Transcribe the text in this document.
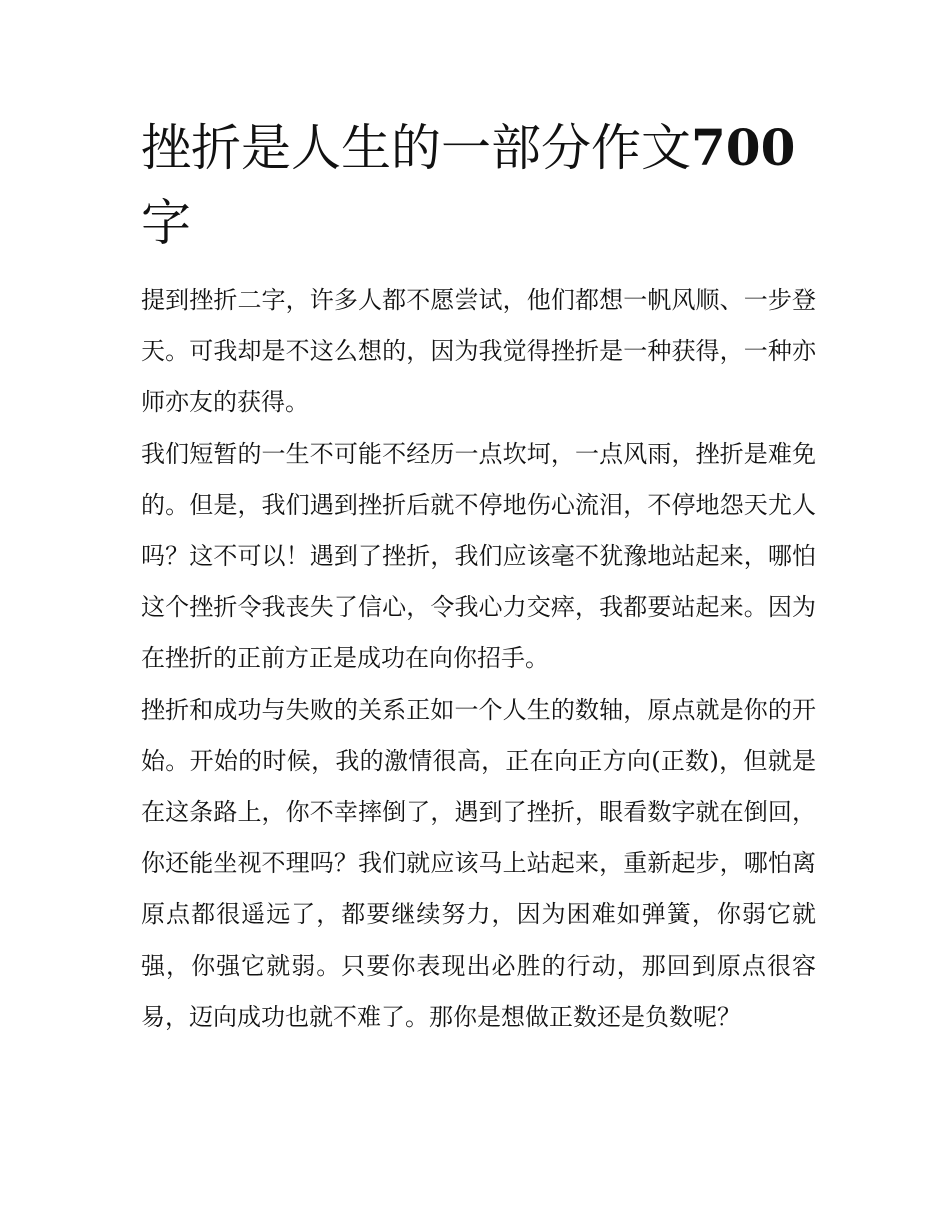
挫折是人生的一部分作文700字

提到挫折二字，许多人都不愿尝试，他们都想一帆风顺、一步登天。可我却是不这么想的，因为我觉得挫折是一种获得，一种亦师亦友的获得。

我们短暂的一生不可能不经历一点坎坷，一点风雨，挫折是难免的。但是，我们遇到挫折后就不停地伤心流泪，不停地怨天尤人吗？这不可以！遇到了挫折，我们应该毫不犹豫地站起来，哪怕这个挫折令我丧失了信心，令我心力交瘁，我都要站起来。因为在挫折的正前方正是成功在向你招手。

挫折和成功与失败的关系正如一个人生的数轴，原点就是你的开始。开始的时候，我的激情很高，正在向正方向(正数)，但就是在这条路上，你不幸摔倒了，遇到了挫折，眼看数字就在倒回，你还能坐视不理吗？我们就应该马上站起来，重新起步，哪怕离原点都很遥远了，都要继续努力，因为困难如弹簧，你弱它就强，你强它就弱。只要你表现出必胜的行动，那回到原点很容易，迈向成功也就不难了。那你是想做正数还是负数呢？
